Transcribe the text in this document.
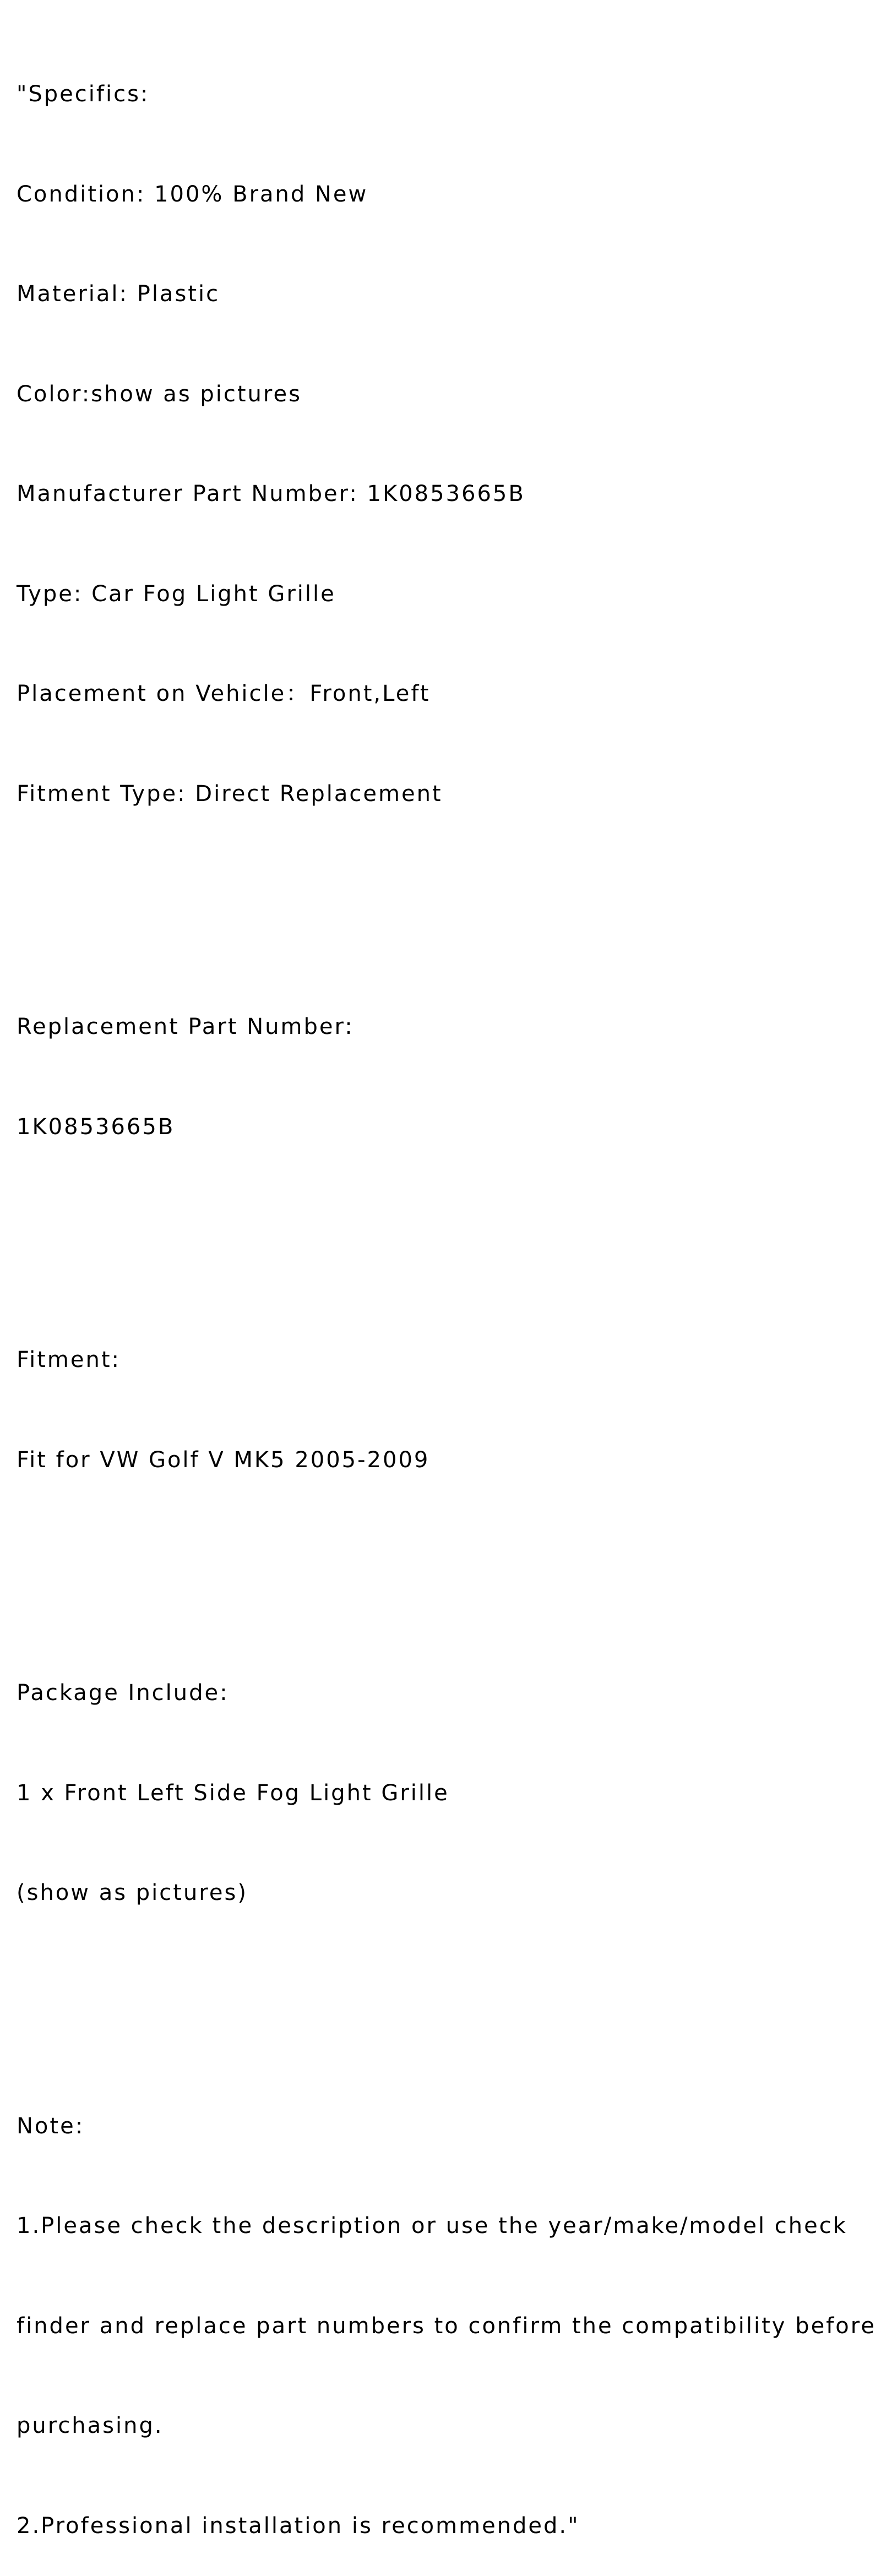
"Specifics:

Condition: 100% Brand New

Material: Plastic

Color:show as pictures

Manufacturer Part Number: 1K0853665B

Type: Car Fog Light Grille

Placement on Vehicle：Front,Left

Fitment Type: Direct Replacement

Replacement Part Number:

1K0853665B

Fitment:

Fit for VW Golf V MK5 2005-2009

Package Include:

1 x Front Left Side Fog Light Grille

(show as pictures)

Note:

1.Please check the description or use the year/make/model check

finder and replace part numbers to confirm the compatibility before

purchasing.

2.Professional installation is recommended."
